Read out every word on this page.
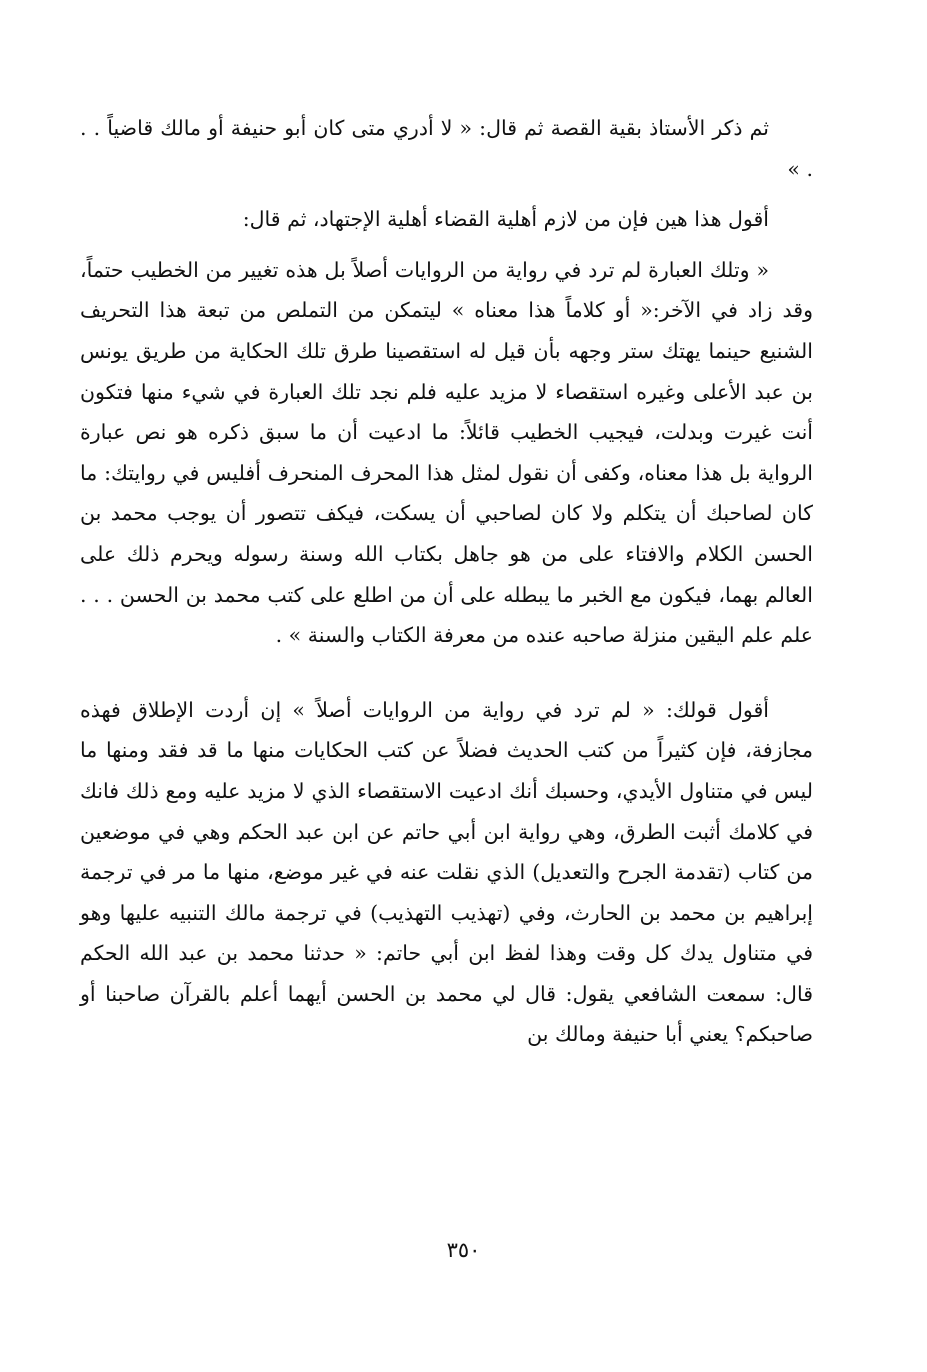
ثم ذكر الأستاذ بقية القصة ثم قال: « لا أدري متى كان أبو حنيفة أو مالك قاضياً . . . »

أقول هذا هين فإن من لازم أهلية القضاء أهلية الإجتهاد، ثم قال:

« وتلك العبارة لم ترد في رواية من الروايات أصلاً بل هذه تغيير من الخطيب حتماً، وقد زاد في الآخر:« أو كلاماً هذا معناه » ليتمكن من التملص من تبعة هذا التحريف الشنيع حينما يهتك ستر وجهه بأن قيل له استقصينا طرق تلك الحكاية من طريق يونس بن عبد الأعلى وغيره استقصاء لا مزيد عليه فلم نجد تلك العبارة في شيء منها فتكون أنت غيرت وبدلت، فيجيب الخطيب قائلاً: ما ادعيت أن ما سبق ذكره هو نص عبارة الرواية بل هذا معناه، وكفى أن نقول لمثل هذا المحرف المنحرف أفليس في روايتك: ما كان لصاحبك أن يتكلم ولا كان لصاحبي أن يسكت، فيكف تتصور أن يوجب محمد بن الحسن الكلام والافتاء على من هو جاهل بكتاب الله وسنة رسوله ويحرم ذلك على العالم بهما، فيكون مع الخبر ما يبطله على أن من اطلع على كتب محمد بن الحسن . . . علم علم اليقين منزلة صاحبه عنده من معرفة الكتاب والسنة » .

أقول قولك: « لم ترد في رواية من الروايات أصلاً » إن أردت الإطلاق فهذه مجازفة، فإن كثيراً من كتب الحديث فضلاً عن كتب الحكايات منها ما قد فقد ومنها ما ليس في متناول الأيدي، وحسبك أنك ادعيت الاستقصاء الذي لا مزيد عليه ومع ذلك فانك في كلامك أثبت الطرق، وهي رواية ابن أبي حاتم عن ابن عبد الحكم وهي في موضعين من كتاب (تقدمة الجرح والتعديل) الذي نقلت عنه في غير موضع، منها ما مر في ترجمة إبراهيم بن محمد بن الحارث، وفي (تهذيب التهذيب) في ترجمة مالك التنبيه عليها وهو في متناول يدك كل وقت وهذا لفظ ابن أبي حاتم: « حدثنا محمد بن عبد الله الحكم قال: سمعت الشافعي يقول: قال لي محمد بن الحسن أيهما أعلم بالقرآن صاحبنا أو صاحبكم؟ يعني أبا حنيفة ومالك بن

٣٥٠
